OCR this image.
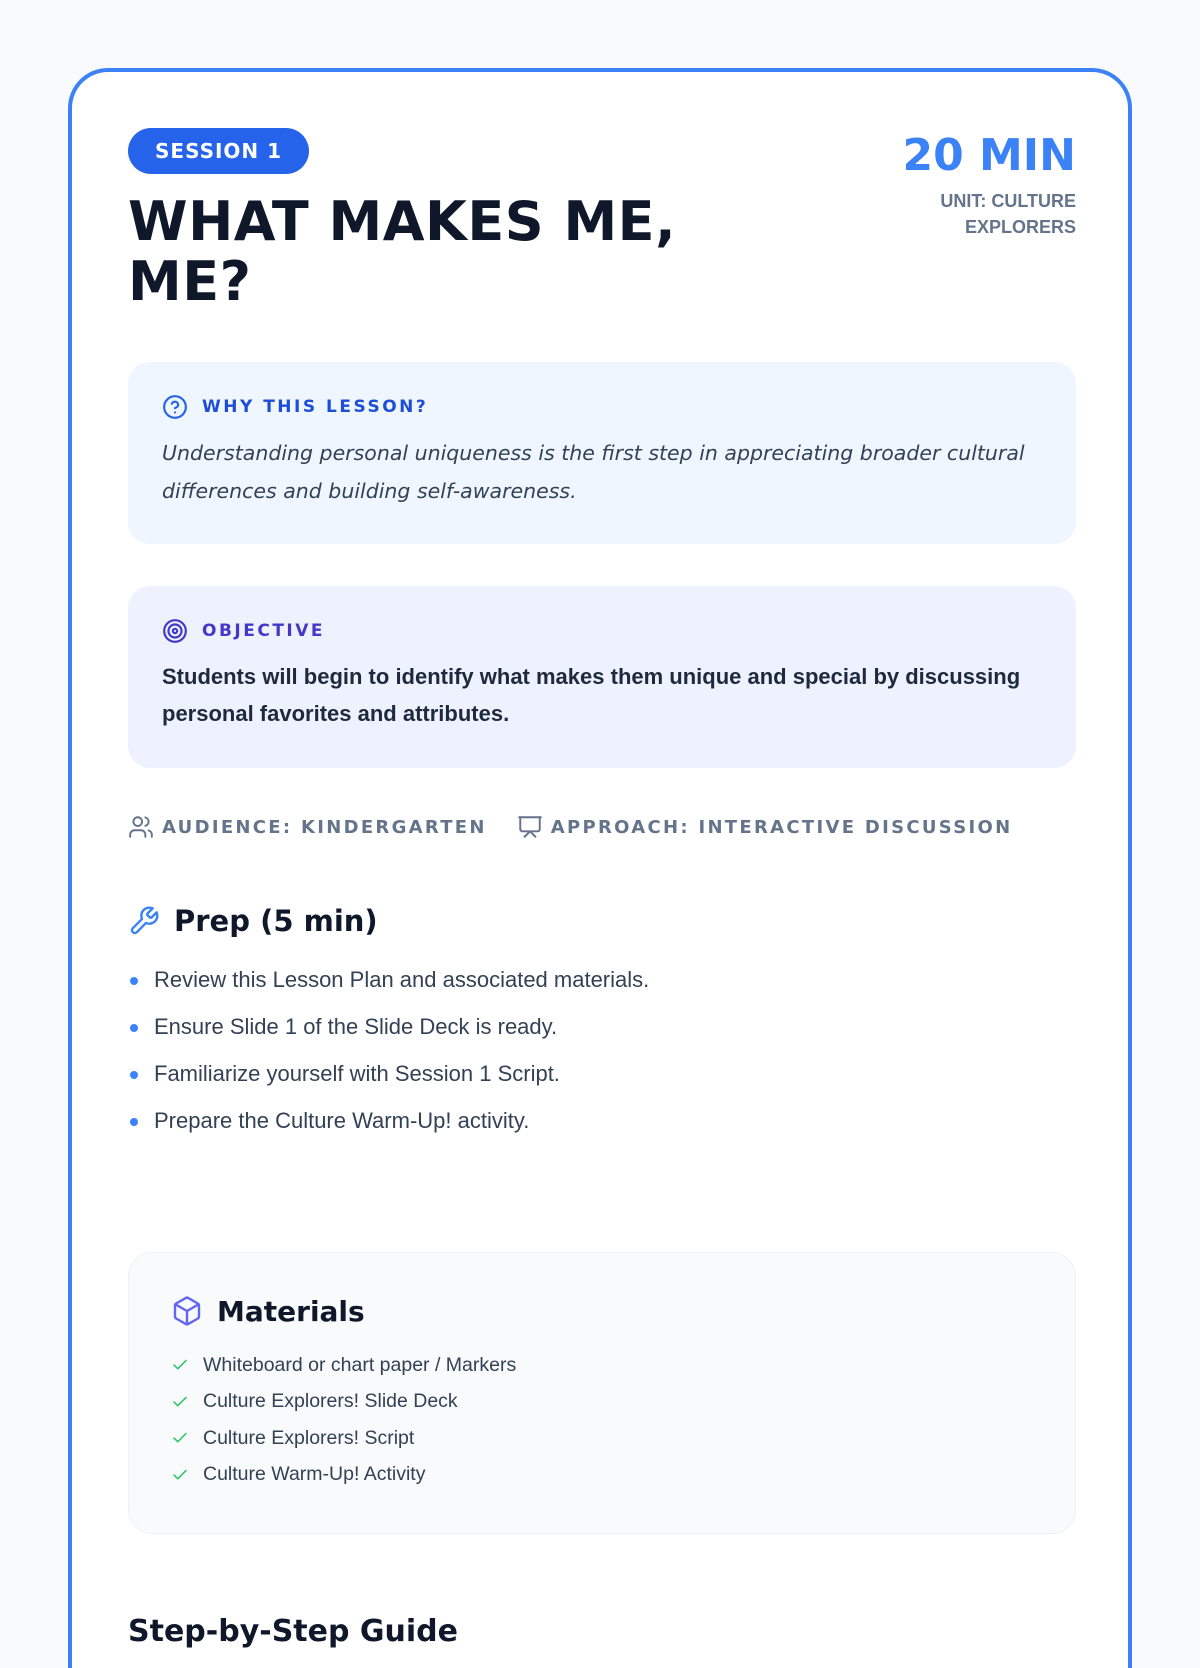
SESSION 1
WHAT MAKES ME, ME?
20 MIN
UNIT: CULTURE EXPLORERS
WHY THIS LESSON?
Understanding personal uniqueness is the first step in appreciating broader cultural differences and building self-awareness.
OBJECTIVE
Students will begin to identify what makes them unique and special by discussing personal favorites and attributes.
AUDIENCE: KINDERGARTEN	APPROACH: INTERACTIVE DISCUSSION
Prep (5 min)
Review this Lesson Plan and associated materials.
Ensure Slide 1 of the Slide Deck is ready.
Familiarize yourself with Session 1 Script.
Prepare the Culture Warm-Up! activity.
Materials
Whiteboard or chart paper / Markers
Culture Explorers! Slide Deck
Culture Explorers! Script
Culture Warm-Up! Activity
Step-by-Step Guide
